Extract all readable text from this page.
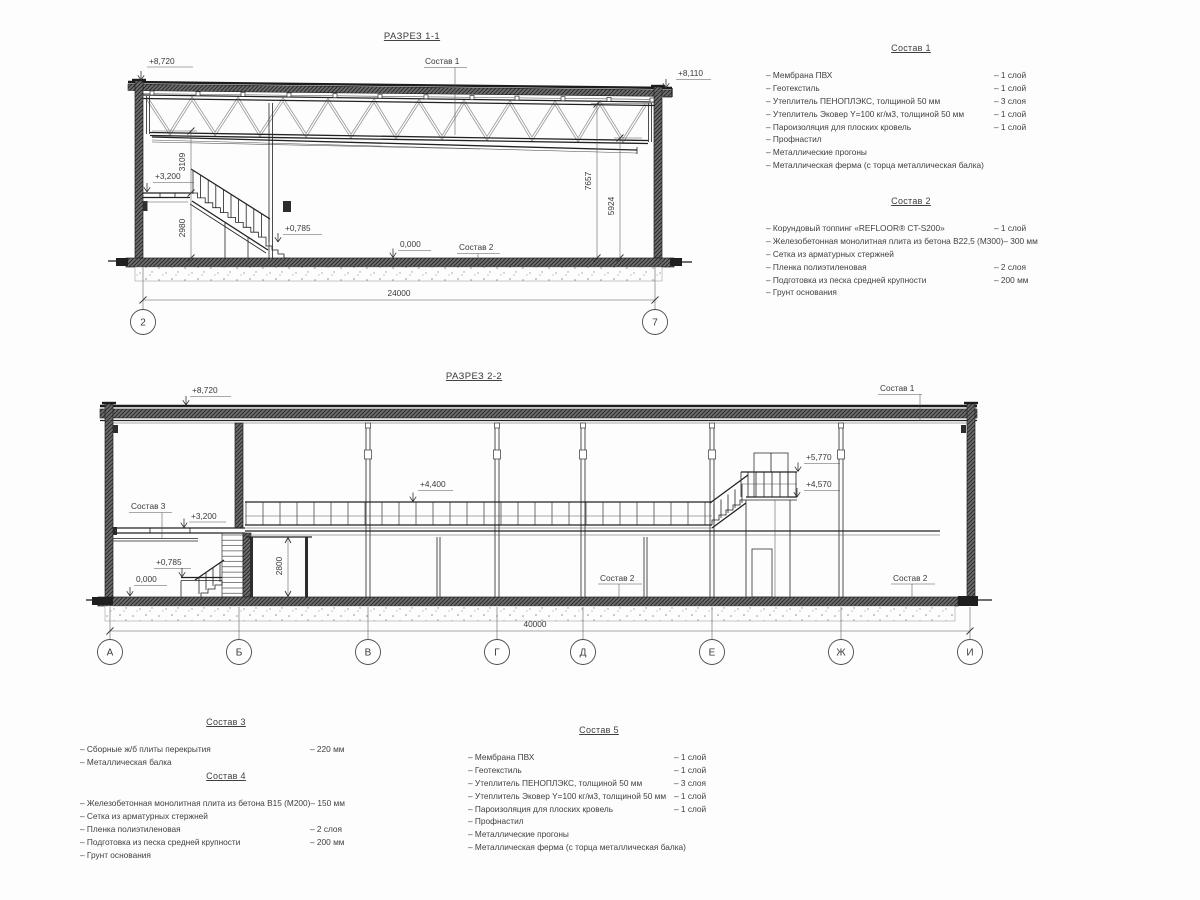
РАЗРЕЗ 1-1
+8,720	Состав 1
+8,110
3109
2980
+3,200
+0,785
0,000	Состав 2
7657
5924
24000
2	7
РАЗРЕЗ 2-2
+8,720	Состав 1
Состав 3
+3,200
+4,400
+5,770
+4,570
+0,785
0,000
2800
Состав 2	Состав 2
40000
А	Б	В	Г	Д	Е	Ж	И
Состав 1
– Мембрана ПВХ	– 1 слой
– Геотекстиль	– 1 слой
– Утеплитель ПЕНОПЛЭКС, толщиной 50 мм	– 3 слоя
– Утеплитель Эковер Y=100 кг/м3, толщиной 50 мм	– 1 слой
– Пароизоляция для плоских кровель	– 1 слой
– Профнастил
– Металлические прогоны
– Металлическая ферма (с торца металлическая балка)
Состав 2
– Корундовый топпинг «REFLOOR® CT-S200»	– 1 слой
– Железобетонная монолитная плита из бетона В22,5 (М300) – 300 мм
– Сетка из арматурных стержней
– Пленка полиэтиленовая	– 2 слоя
– Подготовка из песка средней крупности	– 200 мм
– Грунт основания
Состав 3
– Сборные ж/б плиты перекрытия	– 220 мм
– Металлическая балка
Состав 4
– Железобетонная монолитная плита из бетона В15 (М200) – 150 мм
– Сетка из арматурных стержней
– Пленка полиэтиленовая	– 2 слоя
– Подготовка из песка средней крупности	– 200 мм
– Грунт основания
Состав 5
– Мембрана ПВХ	– 1 слой
– Геотекстиль	– 1 слой
– Утеплитель ПЕНОПЛЭКС, толщиной 50 мм	– 3 слоя
– Утеплитель Эковер Y=100 кг/м3, толщиной 50 мм – 1 слой
– Пароизоляция для плоских кровель	– 1 слой
– Профнастил
– Металлические прогоны
– Металлическая ферма (с торца металлическая балка)
